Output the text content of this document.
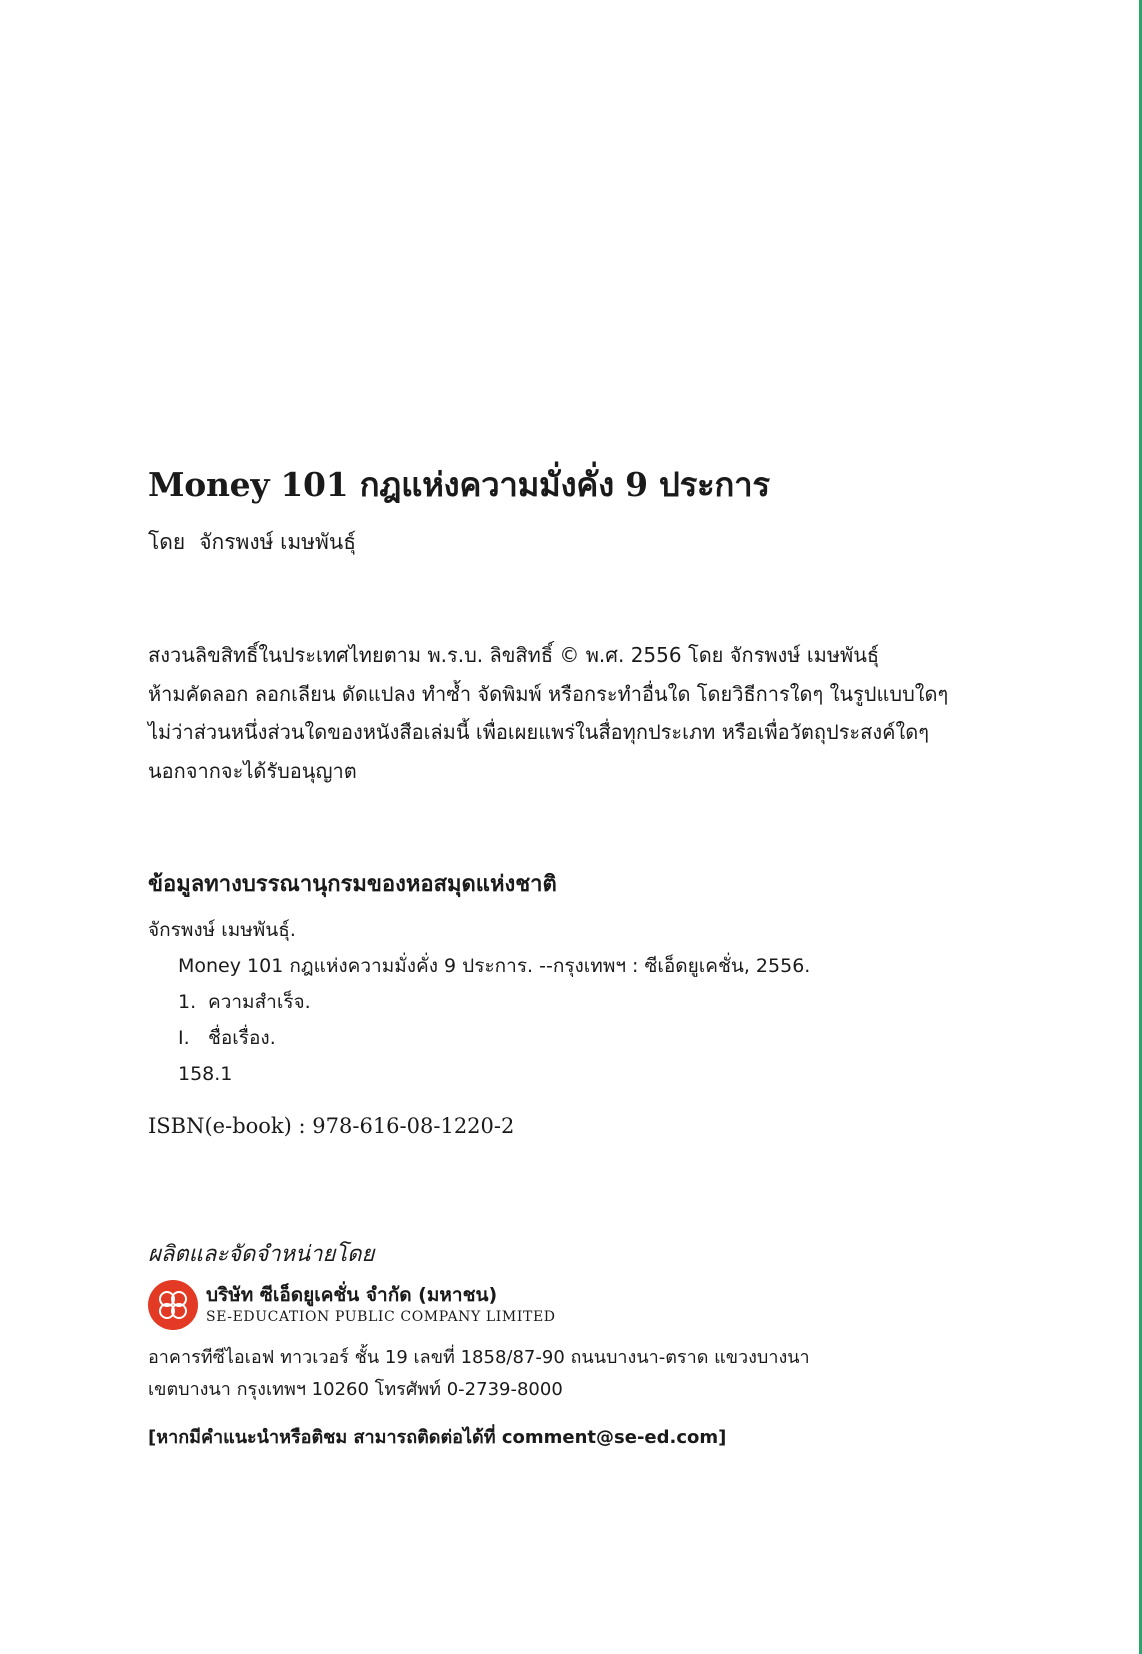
Money 101 กฎแห่งความมั่งคั่ง 9 ประการ
โดย จักรพงษ์ เมษพันธุ์
สงวนลิขสิทธิ์ในประเทศไทยตาม พ.ร.บ. ลิขสิทธิ์ © พ.ศ. 2556 โดย จักรพงษ์ เมษพันธุ์
ห้ามคัดลอก ลอกเลียน ดัดแปลง ทำซ้ำ จัดพิมพ์ หรือกระทำอื่นใด โดยวิธีการใดๆ ในรูปแบบใดๆ
ไม่ว่าส่วนหนึ่งส่วนใดของหนังสือเล่มนี้ เพื่อเผยแพร่ในสื่อทุกประเภท หรือเพื่อวัตถุประสงค์ใดๆ
นอกจากจะได้รับอนุญาต
ข้อมูลทางบรรณานุกรมของหอสมุดแห่งชาติ
จักรพงษ์ เมษพันธุ์.
Money 101 กฎแห่งความมั่งคั่ง 9 ประการ. --กรุงเทพฯ : ซีเอ็ดยูเคชั่น, 2556.
1. ความสำเร็จ.
I. ชื่อเรื่อง.
158.1
ISBN(e-book) : 978-616-08-1220-2
ผลิตและจัดจำหน่ายโดย
บริษัท ซีเอ็ดยูเคชั่น จำกัด (มหาชน)
SE-EDUCATION PUBLIC COMPANY LIMITED
อาคารทีซีไอเอฟ ทาวเวอร์ ชั้น 19 เลขที่ 1858/87-90 ถนนบางนา-ตราด แขวงบางนา
เขตบางนา กรุงเทพฯ 10260 โทรศัพท์ 0-2739-8000
[หากมีคำแนะนำหรือติชม สามารถติดต่อได้ที่ comment@se-ed.com]
